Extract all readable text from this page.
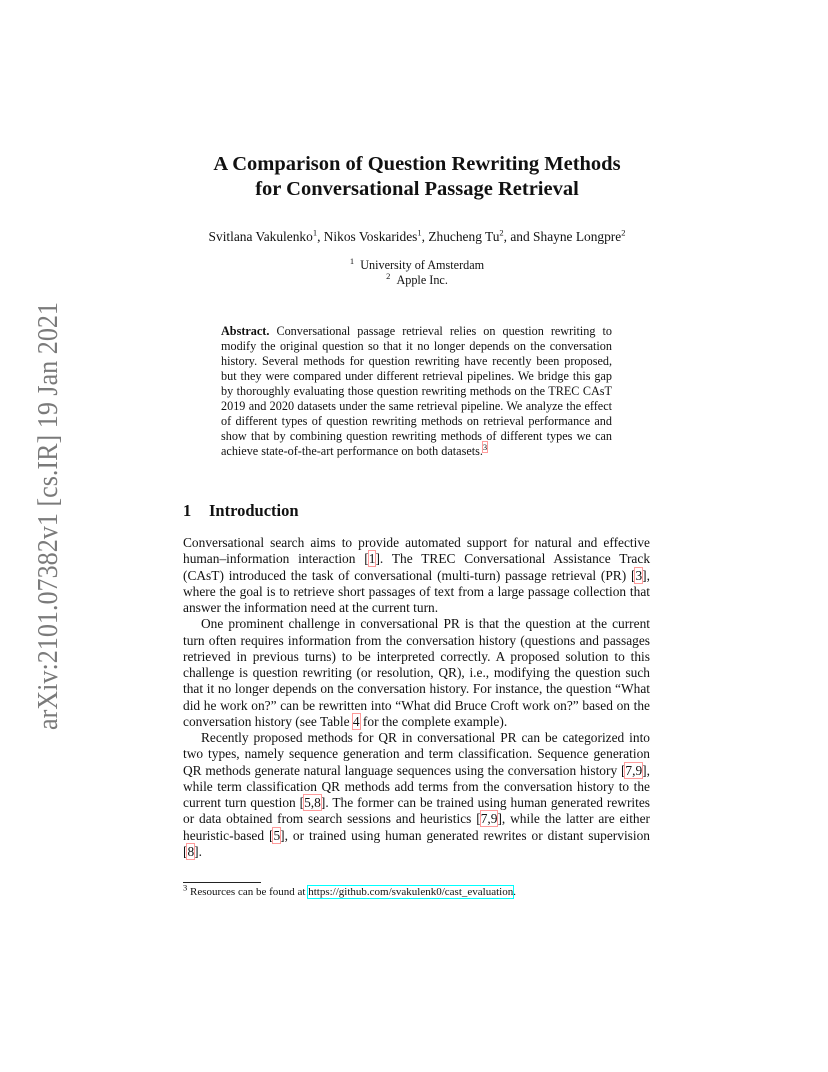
arXiv:2101.07382v1 [cs.IR] 19 Jan 2021
A Comparison of Question Rewriting Methods
for Conversational Passage Retrieval
Svitlana Vakulenko$^1$, Nikos Voskarides$^1$, Zhucheng Tu$^2$, and Shayne Longpre$^2$
$^1$ University of Amsterdam
$^2$ Apple Inc.
Abstract. Conversational passage retrieval relies on question rewriting to modify the original question so that it no longer depends on the conversation history. Several methods for question rewriting have recently been proposed, but they were compared under different retrieval pipelines. We bridge this gap by thoroughly evaluating those question rewriting methods on the TREC CAsT 2019 and 2020 datasets under the same retrieval pipeline. We analyze the effect of different types of question rewriting methods on retrieval performance and show that by combining question rewriting methods of different types we can achieve state-of-the-art performance on both datasets.$^3$
1 Introduction

Conversational search aims to provide automated support for natural and effective human–information interaction [1]. The TREC Conversational Assistance Track (CAsT) introduced the task of conversational (multi-turn) passage retrieval (PR) [3], where the goal is to retrieve short passages of text from a large passage collection that answer the information need at the current turn.

One prominent challenge in conversational PR is that the question at the current turn often requires information from the conversation history (questions and passages retrieved in previous turns) to be interpreted correctly. A proposed solution to this challenge is question rewriting (or resolution, QR), i.e., modifying the question such that it no longer depends on the conversation history. For instance, the question “What did he work on?” can be rewritten into “What did Bruce Croft work on?” based on the conversation history (see Table 4 for the complete example).

Recently proposed methods for QR in conversational PR can be categorized into two types, namely sequence generation and term classification. Sequence generation QR methods generate natural language sequences using the conversation history [7,9], while term classification QR methods add terms from the conversation history to the current turn question [5,8]. The former can be trained using human generated rewrites or data obtained from search sessions and heuristics [7,9], while the latter are either heuristic-based [5], or trained using human generated rewrites or distant supervision [8].

$^3$ Resources can be found at https://github.com/svakulenk0/cast_evaluation.
